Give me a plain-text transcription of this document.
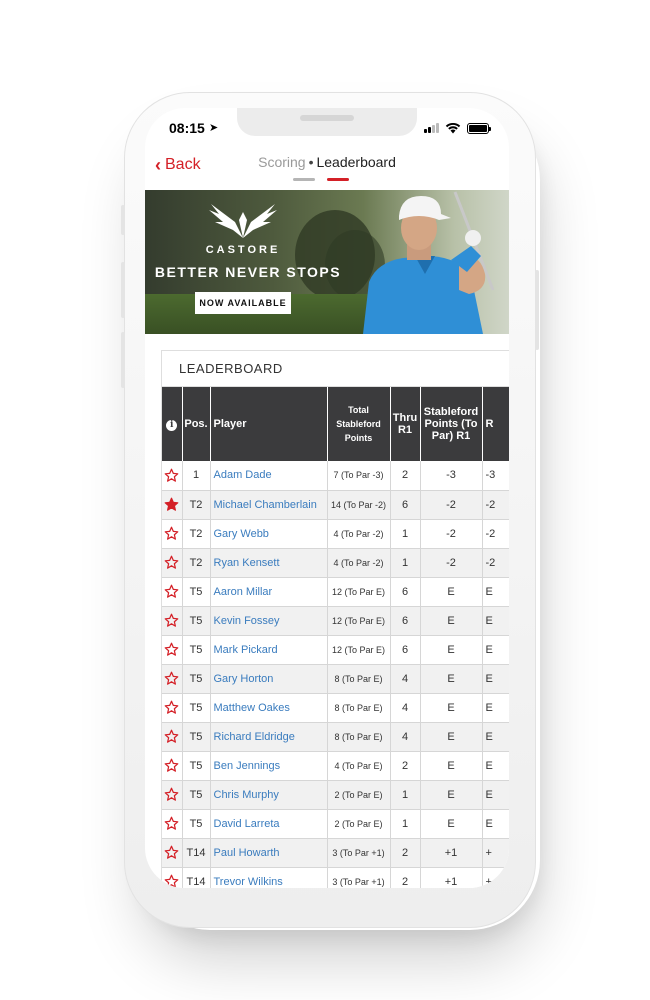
08:15 ➤
‹ Back	Scoring • Leaderboard
CASTORE
BETTER NEVER STOPS
NOW AVAILABLE
LEADERBOARD
i	Pos.	Player	Total Stableford Points	Thru R1	Stableford Points (To Par) R1	R

	1	Adam Dade	7 (To Par -3)	2	-3	-3

	T2	Michael Chamberlain	14 (To Par -2)	6	-2	-2

	T2	Gary Webb	4 (To Par -2)	1	-2	-2

	T2	Ryan Kensett	4 (To Par -2)	1	-2	-2

	T5	Aaron Millar	12 (To Par E)	6	E	E

	T5	Kevin Fossey	12 (To Par E)	6	E	E

	T5	Mark Pickard	12 (To Par E)	6	E	E

	T5	Gary Horton	8 (To Par E)	4	E	E

	T5	Matthew Oakes	8 (To Par E)	4	E	E

	T5	Richard Eldridge	8 (To Par E)	4	E	E

	T5	Ben Jennings	4 (To Par E)	2	E	E

	T5	Chris Murphy	2 (To Par E)	1	E	E

	T5	David Larreta	2 (To Par E)	1	E	E

	T14	Paul Howarth	3 (To Par +1)	2	+1	+

	T14	Trevor Wilkins	3 (To Par +1)	2	+1	+
